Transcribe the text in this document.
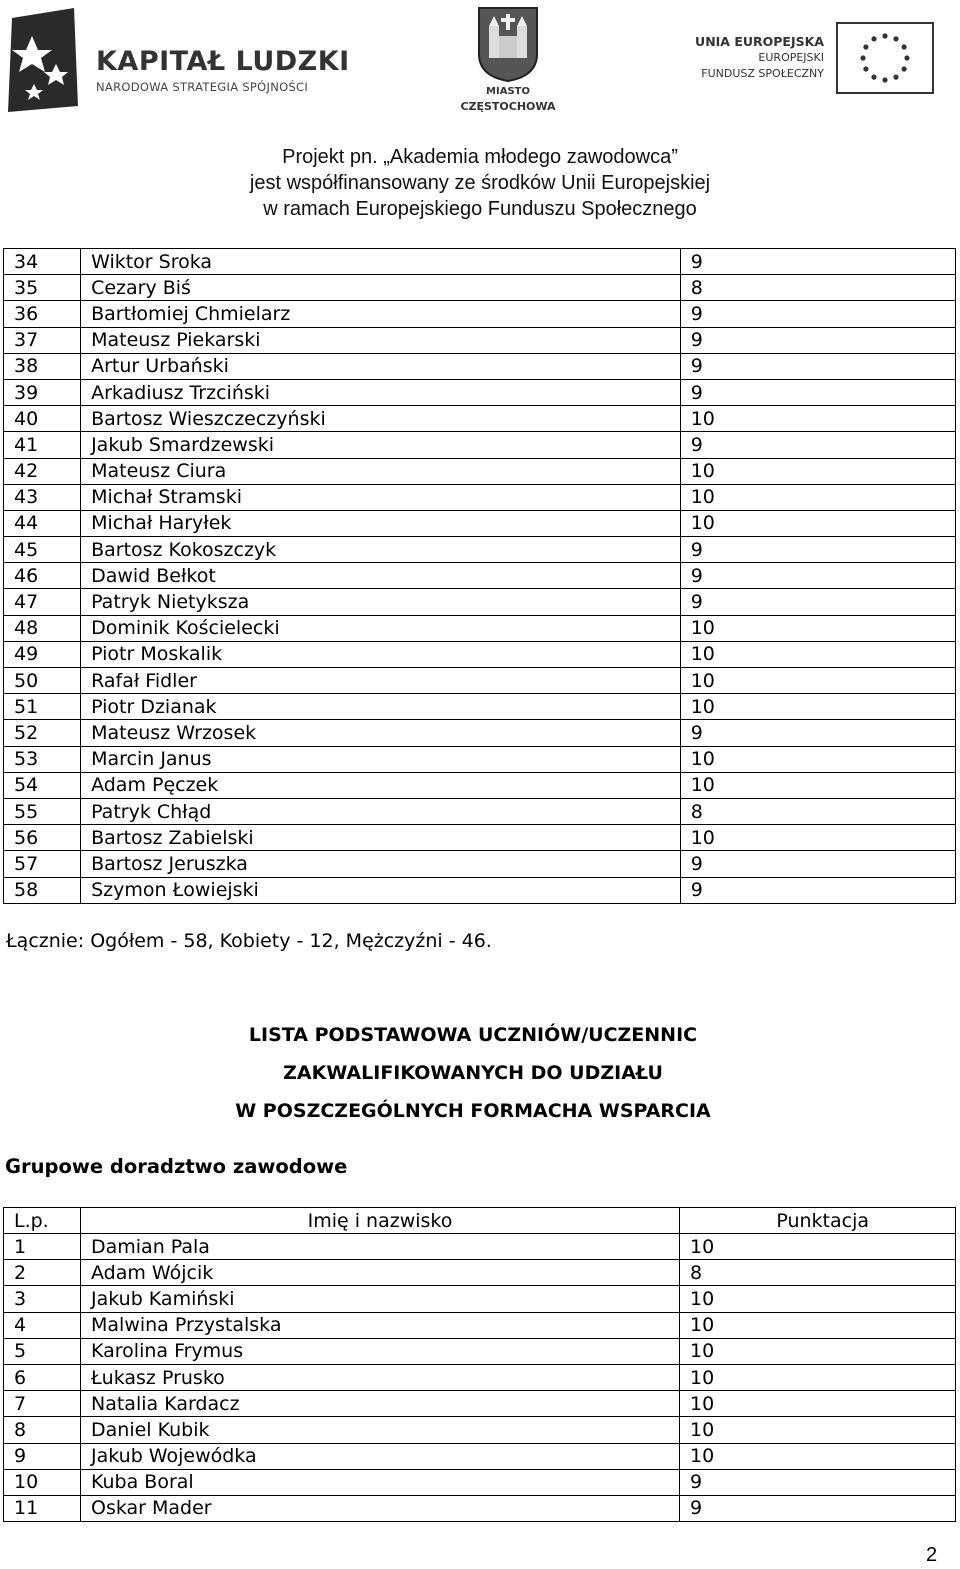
KAPITAŁ LUDZKI
NARODOWA STRATEGIA SPÓJNOŚCI	MIASTO
CZĘSTOCHOWA
UNIA EUROPEJSKA
EUROPEJSKI
FUNDUSZ SPOŁECZNY
Projekt pn. „Akademia młodego zawodowca”
jest współfinansowany ze środków Unii Europejskiej
w ramach Europejskiego Funduszu Społecznego
34	Wiktor Sroka	9
35	Cezary Biś	8
36	Bartłomiej Chmielarz	9
37	Mateusz Piekarski	9
38	Artur Urbański	9
39	Arkadiusz Trzciński	9
40	Bartosz Wieszczeczyński	10
41	Jakub Smardzewski	9
42	Mateusz Ciura	10
43	Michał Stramski	10
44	Michał Haryłek	10
45	Bartosz Kokoszczyk	9
46	Dawid Bełkot	9
47	Patryk Nietyksza	9
48	Dominik Kościelecki	10
49	Piotr Moskalik	10
50	Rafał Fidler	10
51	Piotr Dzianak	10
52	Mateusz Wrzosek	9
53	Marcin Janus	10
54	Adam Pęczek	10
55	Patryk Chłąd	8
56	Bartosz Zabielski	10
57	Bartosz Jeruszka	9
58	Szymon Łowiejski	9
Łącznie: Ogółem - 58, Kobiety - 12, Mężczyźni - 46.
LISTA PODSTAWOWA UCZNIÓW/UCZENNIC
ZAKWALIFIKOWANYCH DO UDZIAŁU
W POSZCZEGÓLNYCH FORMACHA WSPARCIA
Grupowe doradztwo zawodowe
L.p.	Imię i nazwisko	Punktacja
1	Damian Pala	10
2	Adam Wójcik	8
3	Jakub Kamiński	10
4	Malwina Przystalska	10
5	Karolina Frymus	10
6	Łukasz Prusko	10
7	Natalia Kardacz	10
8	Daniel Kubik	10
9	Jakub Wojewódka	10
10	Kuba Boral	9
11	Oskar Mader	9
2
